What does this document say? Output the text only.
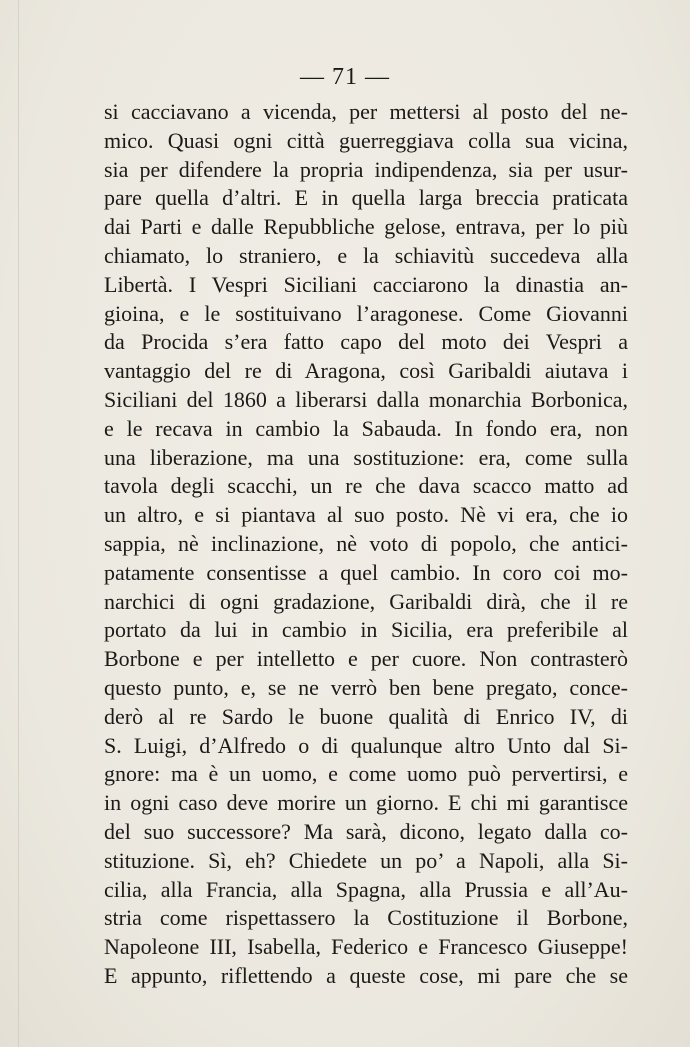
— 71 —
si cacciavano a vicenda, per mettersi al posto del ne-
mico. Quasi ogni città guerreggiava colla sua vicina,
sia per difendere la propria indipendenza, sia per usur-
pare quella d’altri. E in quella larga breccia praticata
dai Parti e dalle Repubbliche gelose, entrava, per lo più
chiamato, lo straniero, e la schiavitù succedeva alla
Libertà. I Vespri Siciliani cacciarono la dinastia an-
gioina, e le sostituivano l’aragonese. Come Giovanni
da Procida s’era fatto capo del moto dei Vespri a
vantaggio del re di Aragona, così Garibaldi aiutava i
Siciliani del 1860 a liberarsi dalla monarchia Borbonica,
e le recava in cambio la Sabauda. In fondo era, non
una liberazione, ma una sostituzione: era, come sulla
tavola degli scacchi, un re che dava scacco matto ad
un altro, e si piantava al suo posto. Nè vi era, che io
sappia, nè inclinazione, nè voto di popolo, che antici-
patamente consentisse a quel cambio. In coro coi mo-
narchici di ogni gradazione, Garibaldi dirà, che il re
portato da lui in cambio in Sicilia, era preferibile al
Borbone e per intelletto e per cuore. Non contrasterò
questo punto, e, se ne verrò ben bene pregato, conce-
derò al re Sardo le buone qualità di Enrico IV, di
S. Luigi, d’Alfredo o di qualunque altro Unto dal Si-
gnore: ma è un uomo, e come uomo può pervertirsi, e
in ogni caso deve morire un giorno. E chi mi garantisce
del suo successore? Ma sarà, dicono, legato dalla co-
stituzione. Sì, eh? Chiedete un po’ a Napoli, alla Si-
cilia, alla Francia, alla Spagna, alla Prussia e all’Au-
stria come rispettassero la Costituzione il Borbone,
Napoleone III, Isabella, Federico e Francesco Giuseppe!
E appunto, riflettendo a queste cose, mi pare che se
